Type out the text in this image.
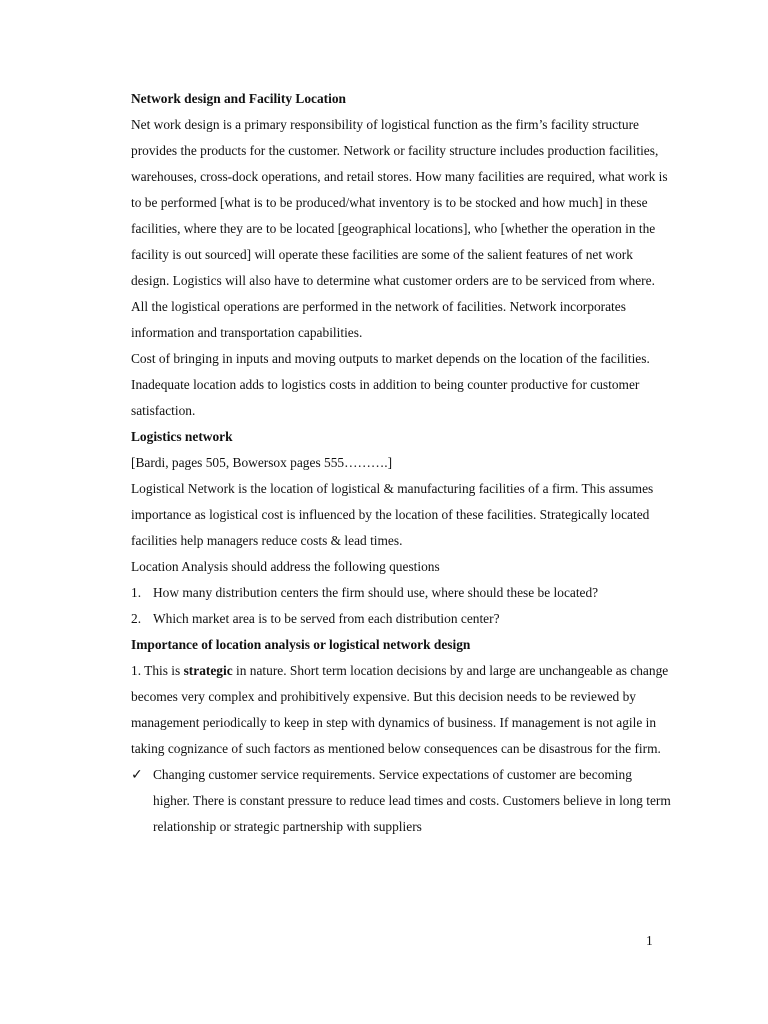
Network design and Facility Location

Net work design is a primary responsibility of logistical function as the firm’s facility structure provides the products for the customer. Network or facility structure includes production facilities, warehouses, cross-dock operations, and retail stores. How many facilities are required, what work is to be performed [what is to be produced/what inventory is to be stocked and how much] in these facilities, where they are to be located [geographical locations], who [whether the operation in the facility is out sourced] will operate these facilities are some of the salient features of net work design. Logistics will also have to determine what customer orders are to be serviced from where. All the logistical operations are performed in the network of facilities. Network incorporates information and transportation capabilities.

Cost of bringing in inputs and moving outputs to market depends on the location of the facilities. Inadequate location adds to logistics costs in addition to being counter productive for customer satisfaction.

Logistics network

[Bardi, pages 505, Bowersox pages 555……….]

Logistical Network is the location of logistical & manufacturing facilities of a firm. This assumes importance as logistical cost is influenced by the location of these facilities. Strategically located facilities help managers reduce costs & lead times.

Location Analysis should address the following questions

1. How many distribution centers the firm should use, where should these be located?
2. Which market area is to be served from each distribution center?

Importance of location analysis or logistical network design

1. This is strategic in nature. Short term location decisions by and large are unchangeable as change becomes very complex and prohibitively expensive. But this decision needs to be reviewed by management periodically to keep in step with dynamics of business. If management is not agile in taking cognizance of such factors as mentioned below consequences can be disastrous for the firm.

✓ Changing customer service requirements. Service expectations of customer are becoming higher. There is constant pressure to reduce lead times and costs. Customers believe in long term relationship or strategic partnership with suppliers
1
